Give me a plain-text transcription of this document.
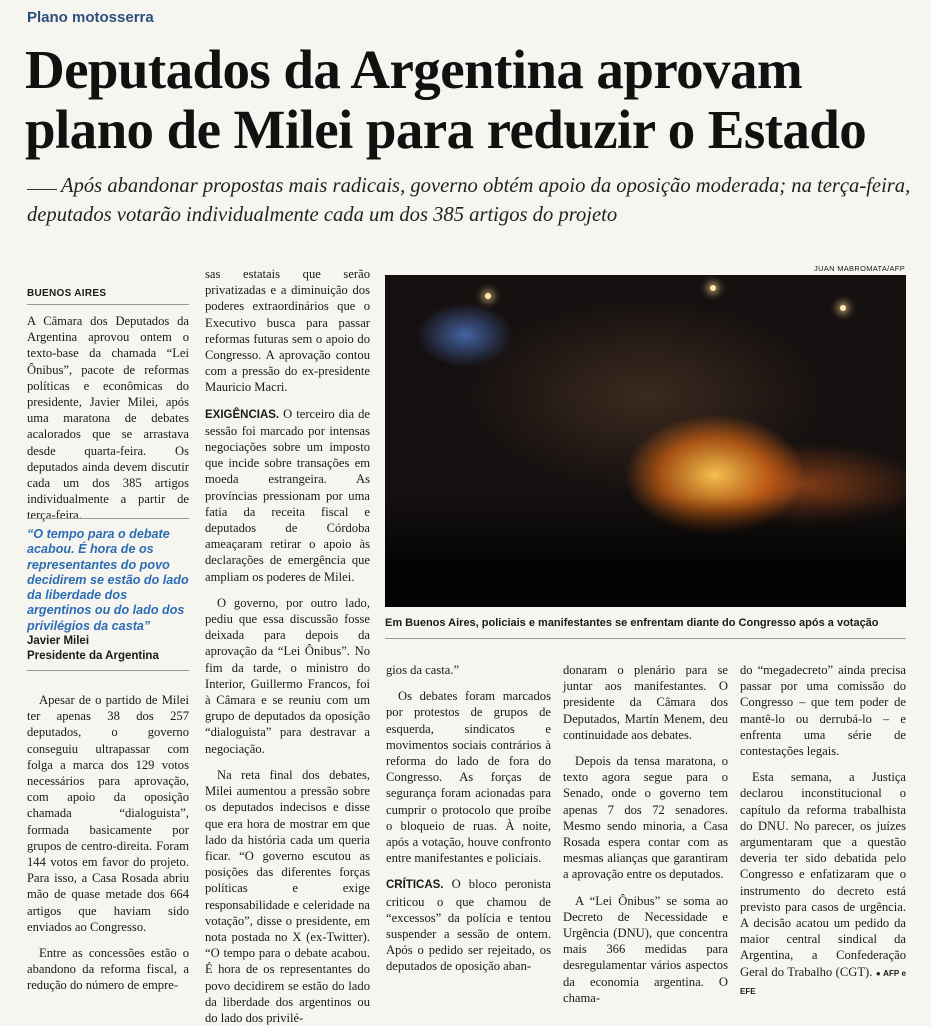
Plano motosserra
Deputados da Argentina aprovam plano de Milei para reduzir o Estado

Após abandonar propostas mais radicais, governo obtém apoio da oposição moderada; na terça-feira, deputados votarão individualmente cada um dos 385 artigos do projeto

BUENOS AIRES

A Câmara dos Deputados da Argentina aprovou ontem o texto-base da chamada “Lei Ônibus”, pacote de reformas políticas e econômicas do presidente, Javier Milei, após uma maratona de debates acalorados que se arrastava desde quarta-feira. Os deputados ainda devem discutir cada um dos 385 artigos individualmente a partir de terça-feira.

“O tempo para o debate acabou. É hora de os representantes do povo decidirem se estão do lado da liberdade dos argentinos ou do lado dos privilégios da casta”

Javier Milei
Presidente da Argentina

Apesar de o partido de Milei ter apenas 38 dos 257 deputados, o governo conseguiu ultrapassar com folga a marca dos 129 votos necessários para aprovação, com apoio da oposição chamada “dialoguista”, formada basicamente por grupos de centro-direita. Foram 144 votos em favor do projeto. Para isso, a Casa Rosada abriu mão de quase metade dos 664 artigos que haviam sido enviados ao Congresso.

Entre as concessões estão o abandono da reforma fiscal, a redução do número de empre-

sas estatais que serão privatizadas e a diminuição dos poderes extraordinários que o Executivo busca para passar reformas futuras sem o apoio do Congresso. A aprovação contou com a pressão do ex-presidente Mauricio Macri.

EXIGÊNCIAS. O terceiro dia de sessão foi marcado por intensas negociações sobre um imposto que incide sobre transações em moeda estrangeira. As províncias pressionam por uma fatia da receita fiscal e deputados de Córdoba ameaçaram retirar o apoio às declarações de emergência que ampliam os poderes de Milei.

O governo, por outro lado, pediu que essa discussão fosse deixada para depois da aprovação da “Lei Ônibus”. No fim da tarde, o ministro do Interior, Guillermo Francos, foi à Câmara e se reuniu com um grupo de deputados da oposição “dialoguista” para destravar a negociação.

Na reta final dos debates, Milei aumentou a pressão sobre os deputados indecisos e disse que era hora de mostrar em que lado da história cada um queria ficar. “O governo escutou as posições das diferentes forças políticas e exige responsabilidade e celeridade na votação”, disse o presidente, em nota postada no X (ex-Twitter). “O tempo para o debate acabou. É hora de os representantes do povo decidirem se estão do lado da liberdade dos argentinos ou do lado dos privilé-

JUAN MABROMATA/AFP
Em Buenos Aires, policiais e manifestantes se enfrentam diante do Congresso após a votação

gios da casta.”

Os debates foram marcados por protestos de grupos de esquerda, sindicatos e movimentos sociais contrários à reforma do lado de fora do Congresso. As forças de segurança foram acionadas para cumprir o protocolo que proíbe o bloqueio de ruas. À noite, após a votação, houve confronto entre manifestantes e policiais.

CRÍTICAS. O bloco peronista criticou o que chamou de “excessos” da polícia e tentou suspender a sessão de ontem. Após o pedido ser rejeitado, os deputados de oposição aban-

donaram o plenário para se juntar aos manifestantes. O presidente da Câmara dos Deputados, Martín Menem, deu continuidade aos debates.

Depois da tensa maratona, o texto agora segue para o Senado, onde o governo tem apenas 7 dos 72 senadores. Mesmo sendo minoria, a Casa Rosada espera contar com as mesmas alianças que garantiram a aprovação entre os deputados.

A “Lei Ônibus” se soma ao Decreto de Necessidade e Urgência (DNU), que concentra mais 366 medidas para desregulamentar vários aspectos da economia argentina. O chama-

do “megadecreto” ainda precisa passar por uma comissão do Congresso – que tem poder de mantê-lo ou derrubá-lo – e enfrenta uma série de contestações legais.

Esta semana, a Justiça declarou inconstitucional o capítulo da reforma trabalhista do DNU. No parecer, os juízes argumentaram que a questão deveria ter sido debatida pelo Congresso e enfatizaram que o instrumento do decreto está previsto para casos de urgência. A decisão acatou um pedido da maior central sindical da Argentina, a Confederação Geral do Trabalho (CGT). ● AFP e EFE
